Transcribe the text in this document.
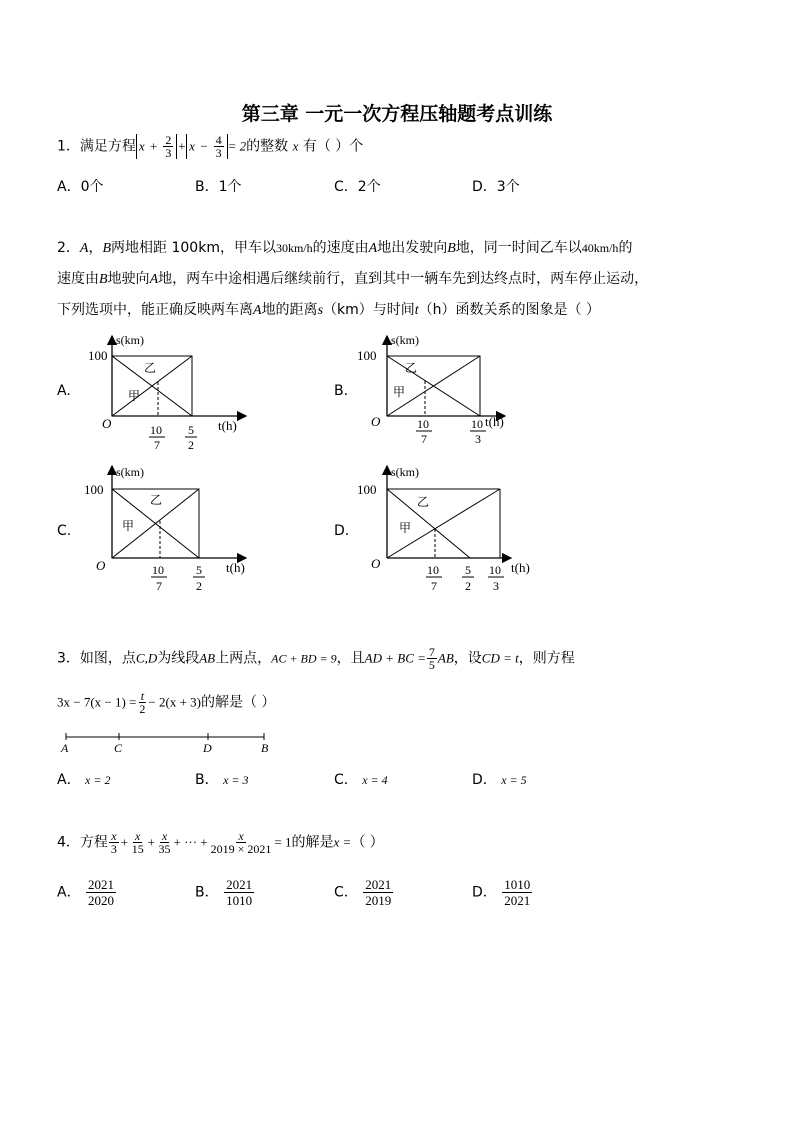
第三章 一元一次方程压轴题考点训练
1．满足方程 $x + \frac{2}{3} + x - \frac{4}{3} = 2$的整数 x 有（ ）个
A．0个	B．1个	C．2个	D．3个
2．A，B两地相距 100km，甲车以30km/h的速度由A地出发驶向B地，同一时间乙车以40km/h的
速度由B地驶向A地，两车中途相遇后继续前行，直到其中一辆车先到达终点时，两车停止运动，
下列选项中，能正确反映两车离A地的距离s（km）与时间t（h）函数关系的图象是（ ）
A.
s(km)
100
O	t(h)
乙
甲
10
7
5
2
B.
s(km)
100
O	t(h)
乙
甲
10
7
10
3
C.
s(km)
100
O	t(h)
乙
甲
10
7
5
2
D.
s(km)
100
O	t(h)
乙
甲
10
7
5
2
10
3
3．如图，点C,D为线段AB上两点，AC + BD = 9，且AD + BC = $\frac{7}{5}$ AB，设CD = t，则方程
$3x - 7(x - 1) = \frac{t}{2} - 2(x + 3)$的解是（ ）
A	C	D	B
A． x = 2	B． x = 3	C． x = 4	D． x = 5
4．方程 $\frac{x}{3} + \frac{x}{15} + \frac{x}{35}$ + ··· + $\frac{x}{2019 \times 2021} = 1$的解是x =（ ）
A． $\frac{2021}{2020}$	B． $\frac{2021}{1010}$	C． $\frac{2021}{2019}$	D． $\frac{1010}{2021}$
